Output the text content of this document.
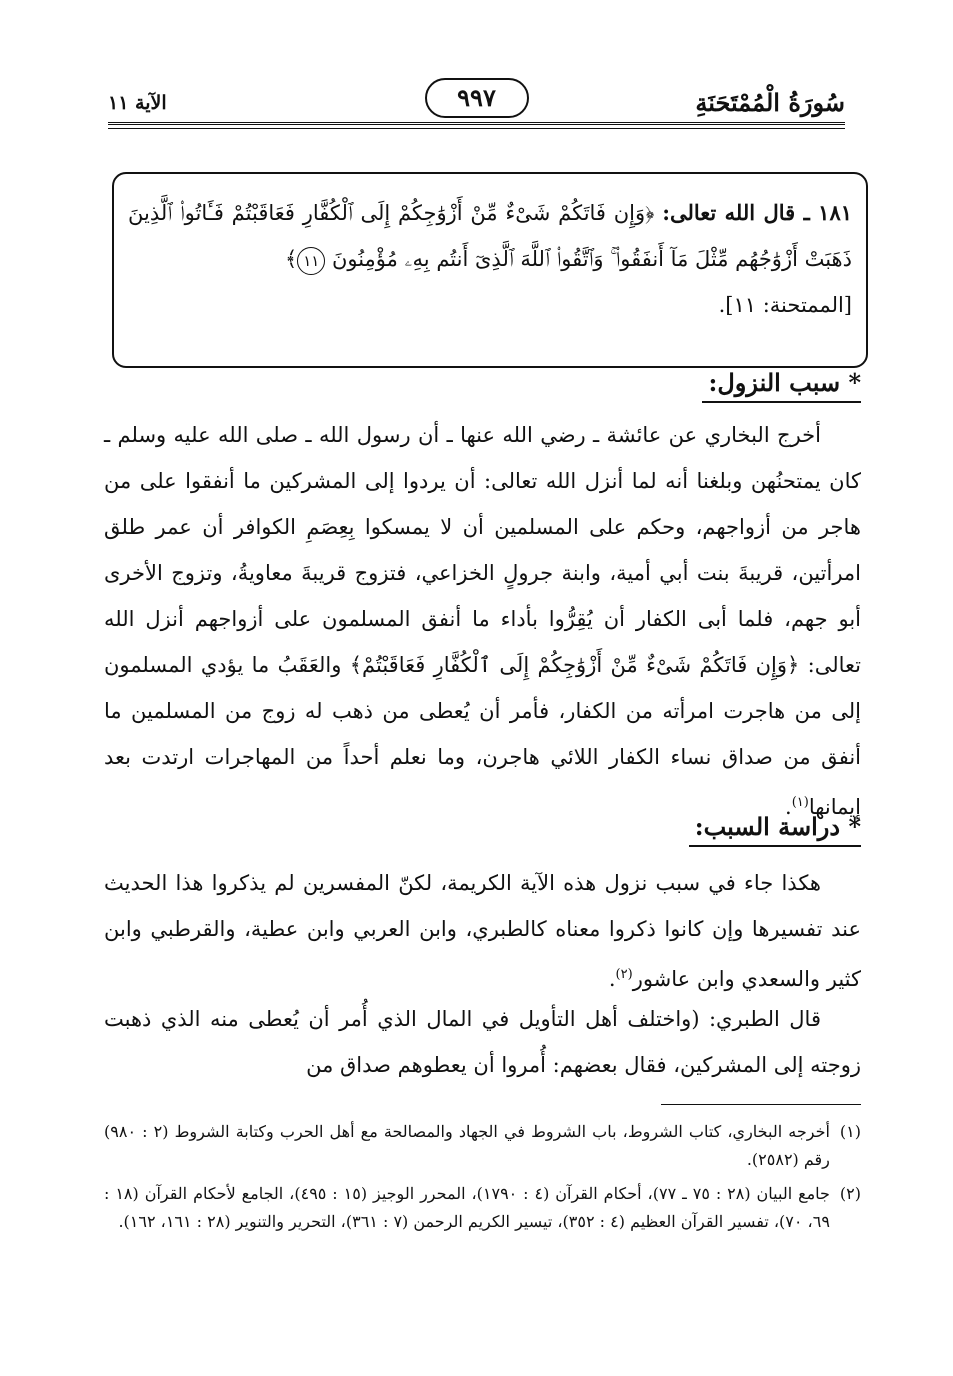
سُورَةُ الْمُمْتَحَنَةِ
٩٩٧
الآية ١١
١٨١ ـ قال الله تعالى: ﴿وَإِن فَاتَكُمْ شَىْءٌ مِّنْ أَزْوَٰجِكُمْ إِلَى ٱلْكُفَّارِ فَعَاقَبْتُمْ فَـَٔاتُوا۟ ٱلَّذِينَ ذَهَبَتْ أَزْوَٰجُهُم مِّثْلَ مَآ أَنفَقُوا۟ ۚ وَٱتَّقُوا۟ ٱللَّهَ ٱلَّذِىٓ أَنتُم بِهِۦ مُؤْمِنُونَ ١١﴾
[الممتحنة: ١١].
* سبب النزول:
أخرج البخاري عن عائشة ـ رضي الله عنها ـ أن رسول الله ـ صلى الله عليه وسلم ـ كان يمتحنُهن وبلغنا أنه لما أنزل الله تعالى: أن يردوا إلى المشركين ما أنفقوا على من هاجر من أزواجهم، وحكم على المسلمين أن لا يمسكوا بِعِصَمِ الكوافر أن عمر طلق امرأتين، قريبةَ بنت أبي أمية، وابنة جرولٍ الخزاعي، فتزوج قريبةَ معاويةُ، وتزوج الأخرى أبو جهم، فلما أبى الكفار أن يُقِرُّوا بأداء ما أنفق المسلمون على أزواجهم أنزل الله تعالى: ﴿وَإِن فَاتَكُمْ شَىْءٌ مِّنْ أَزْوَٰجِكُمْ إِلَى ٱلْكُفَّارِ فَعَاقَبْتُمْ﴾ والعَقَبُ ما يؤدي المسلمون إلى من هاجرت امرأته من الكفار، فأمر أن يُعطى من ذهب له زوج من المسلمين ما أنفق من صداق نساء الكفار اللائي هاجرن، وما نعلم أحداً من المهاجرات ارتدت بعد إيمانها$^{(١)}$.
* دراسة السبب:
هكذا جاء في سبب نزول هذه الآية الكريمة، لكنّ المفسرين لم يذكروا هذا الحديث عند تفسيرها وإن كانوا ذكروا معناه كالطبري، وابن العربي وابن عطية، والقرطبي وابن كثير والسعدي وابن عاشور$^{(٢)}$.
قال الطبري: (واختلف أهل التأويل في المال الذي أُمر أن يُعطى منه الذي ذهبت زوجته إلى المشركين، فقال بعضهم: أُمروا أن يعطوهم صداق من
(١)
أخرجه البخاري، كتاب الشروط، باب الشروط في الجهاد والمصالحة مع أهل الحرب وكتابة الشروط (٢ : ٩٨٠) رقم (٢٥٨٢).
(٢)
جامع البيان (٢٨ : ٧٥ ـ ٧٧)، أحكام القرآن (٤ : ١٧٩٠)، المحرر الوجيز (١٥ : ٤٩٥)، الجامع لأحكام القرآن (١٨ : ٦٩، ٧٠)، تفسير القرآن العظيم (٤ : ٣٥٢)، تيسير الكريم الرحمن (٧ : ٣٦١)، التحرير والتنوير (٢٨ : ١٦١، ١٦٢).
